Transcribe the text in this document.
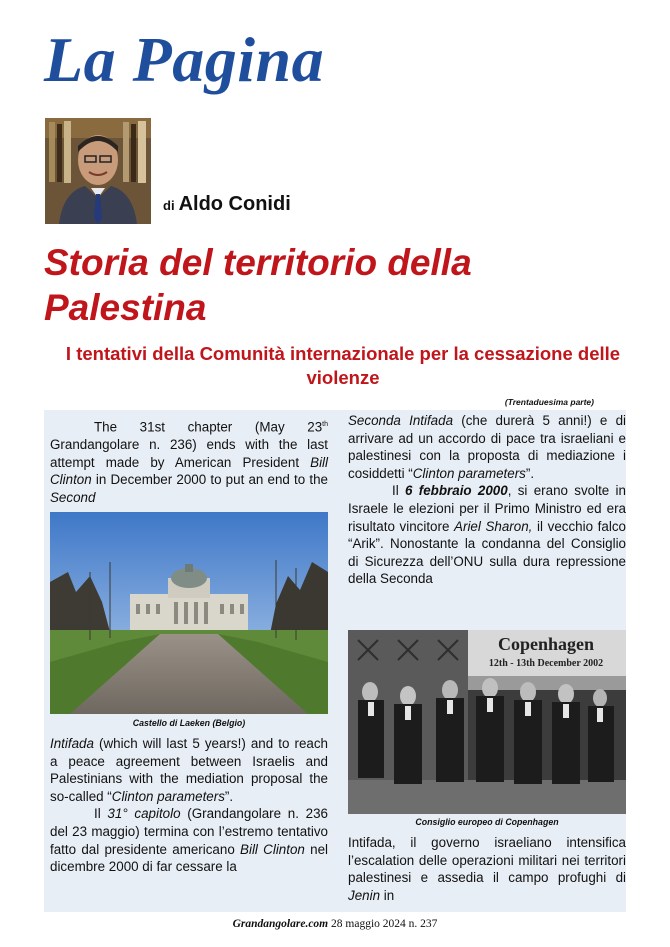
La Pagina
di Aldo Conidi
Storia del territorio della Palestina
I tentativi della Comunità internazionale per la cessazione delle violenze
(Trentaduesima parte)

The 31st chapter (May 23th Grandangolare n. 236) ends with the last attempt made by American President Bill Clinton in December 2000 to put an end to the Second

Castello di Laeken (Belgio)

Intifada (which will last 5 years!) and to reach a peace agreement between Israelis and Palestinians with the mediation proposal the so-called “Clinton parameters”.

Il 31° capitolo (Grandangolare n. 236 del 23 maggio) termina con l’estremo tentativo fatto dal presidente americano Bill Clinton nel dicembre 2000 di far cessare la

Seconda Intifada (che durerà 5 anni!) e di arrivare ad un accordo di pace tra israeliani e palestinesi con la proposta di mediazione i cosiddetti “Clinton parameters”.

Il 6 febbraio 2000, si erano svolte in Israele le elezioni per il Primo Ministro ed era risultato vincitore Ariel Sharon, il vecchio falco “Arik”. Nonostante la condanna del Consiglio di Sicurezza dell’ONU sulla dura repressione della Seconda

Copenhagen
12th - 13th December 2002
Consiglio europeo di Copenhagen

Intifada, il governo israeliano intensifica l’escalation delle operazioni militari nei territori palestinesi e assedia il campo profughi di Jenin in

Grandangolare.com 28 maggio 2024 n. 237
